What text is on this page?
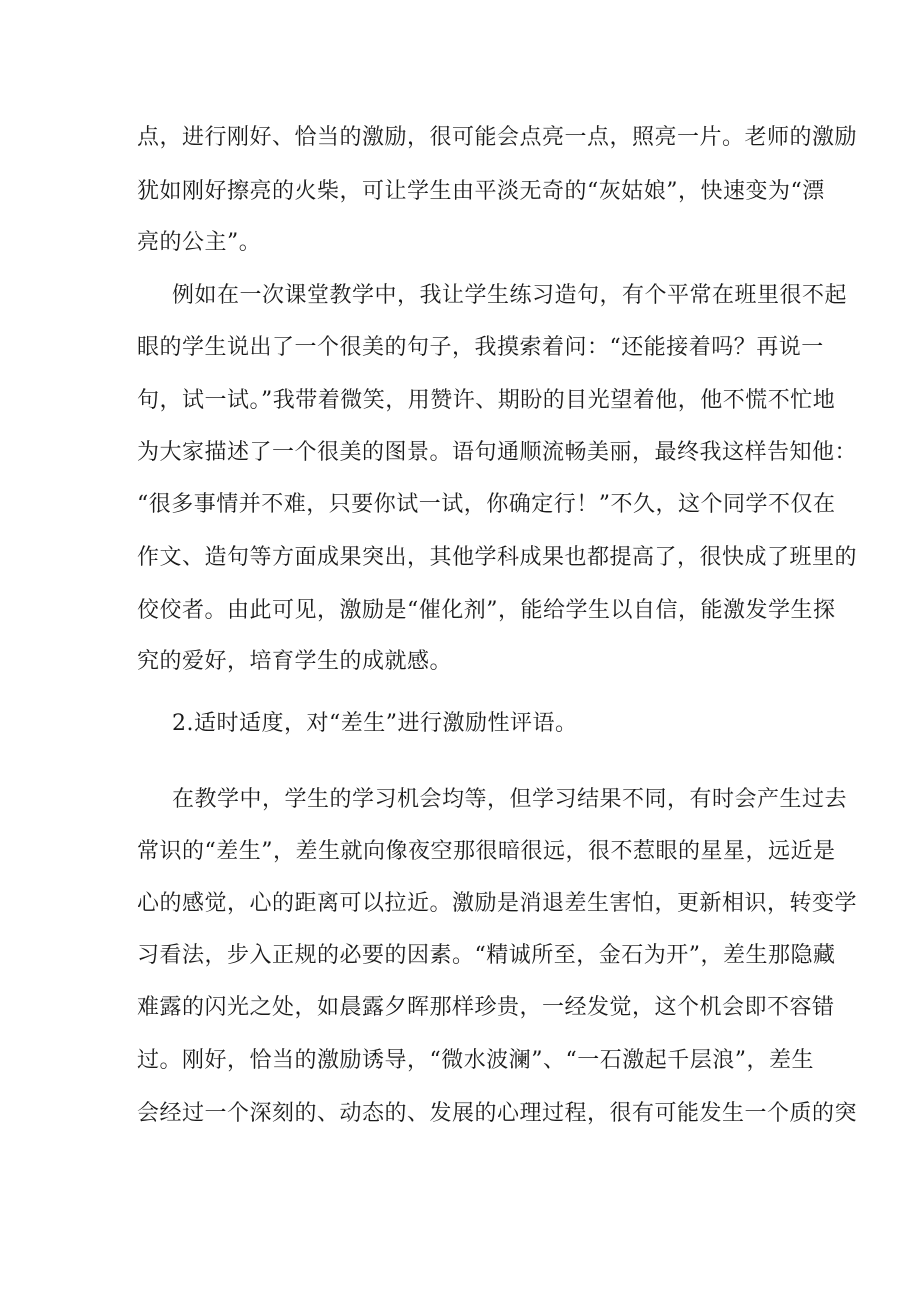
点，进行刚好、恰当的激励，很可能会点亮一点，照亮一片。老师的激励
犹如刚好擦亮的火柴，可让学生由平淡无奇的“灰姑娘”，快速变为“漂
亮的公主”。
例如在一次课堂教学中，我让学生练习造句，有个平常在班里很不起
眼的学生说出了一个很美的句子，我摸索着问：“还能接着吗？再说一
句，试一试。”我带着微笑，用赞许、期盼的目光望着他，他不慌不忙地
为大家描述了一个很美的图景。语句通顺流畅美丽，最终我这样告知他：
“很多事情并不难，只要你试一试，你确定行！”不久，这个同学不仅在
作文、造句等方面成果突出，其他学科成果也都提高了，很快成了班里的
佼佼者。由此可见，激励是“催化剂”，能给学生以自信，能激发学生探
究的爱好，培育学生的成就感。
2.适时适度，对“差生”进行激励性评语。
在教学中，学生的学习机会均等，但学习结果不同，有时会产生过去
常识的“差生”，差生就向像夜空那很暗很远，很不惹眼的星星，远近是
心的感觉，心的距离可以拉近。激励是消退差生害怕，更新相识，转变学
习看法，步入正规的必要的因素。“精诚所至，金石为开”，差生那隐藏
难露的闪光之处，如晨露夕晖那样珍贵，一经发觉，这个机会即不容错
过。刚好，恰当的激励诱导，“微水波澜”、“一石激起千层浪”，差生
会经过一个深刻的、动态的、发展的心理过程，很有可能发生一个质的突
